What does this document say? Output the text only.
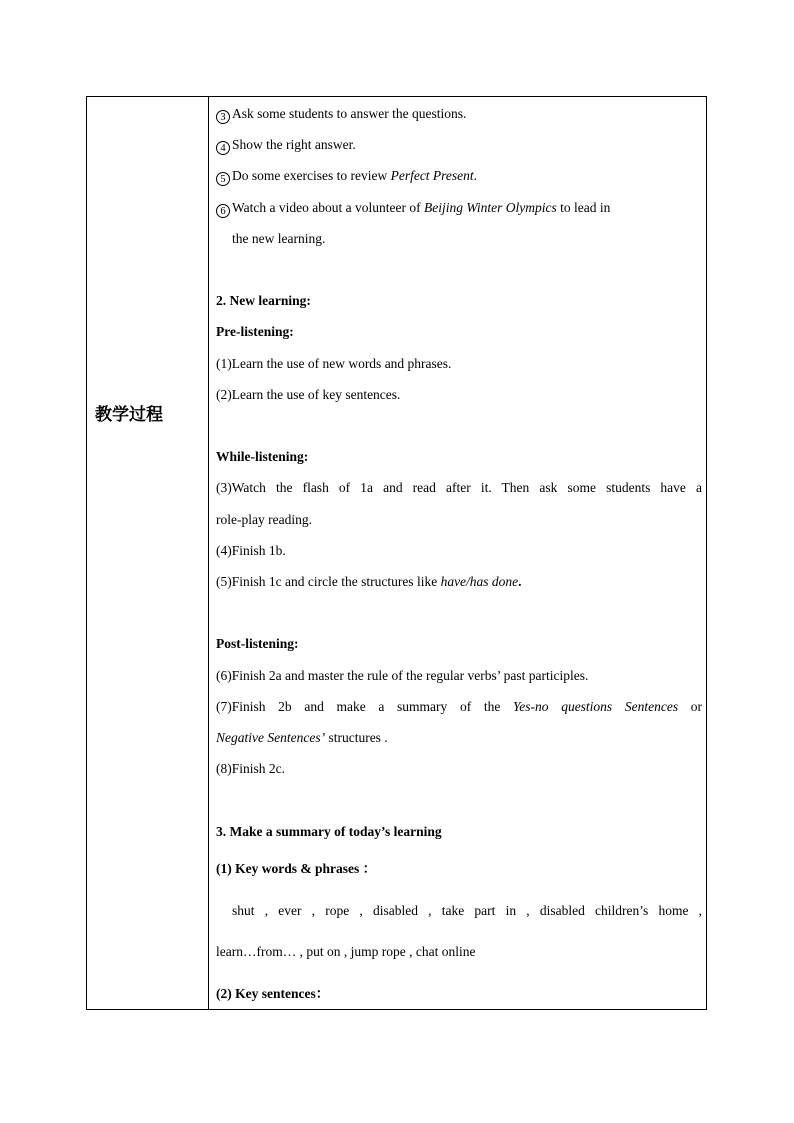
教学过程
3 Ask some students to answer the questions.
4 Show the right answer.
5 Do some exercises to review Perfect Present.
6 Watch a video about a volunteer of Beijing Winter Olympics to lead in
the new learning.
2. New learning:
Pre-listening:
(1)Learn the use of new words and phrases.
(2)Learn the use of key sentences.
While-listening:
(3)Watch the flash of 1a and read after it. Then ask some students have a
role-play reading.
(4)Finish 1b.
(5)Finish 1c and circle the structures like have/has done.
Post-listening:
(6)Finish 2a and master the rule of the regular verbs’ past participles.
(7)Finish 2b and make a summary of the Yes-no questions Sentences or
Negative Sentences’ structures .
(8)Finish 2c.
3. Make a summary of today’s learning
(1) Key words & phrases ：
shut , ever , rope , disabled , take part in , disabled children’s home ,
learn…from… , put on , jump rope , chat online
(2) Key sentences：
